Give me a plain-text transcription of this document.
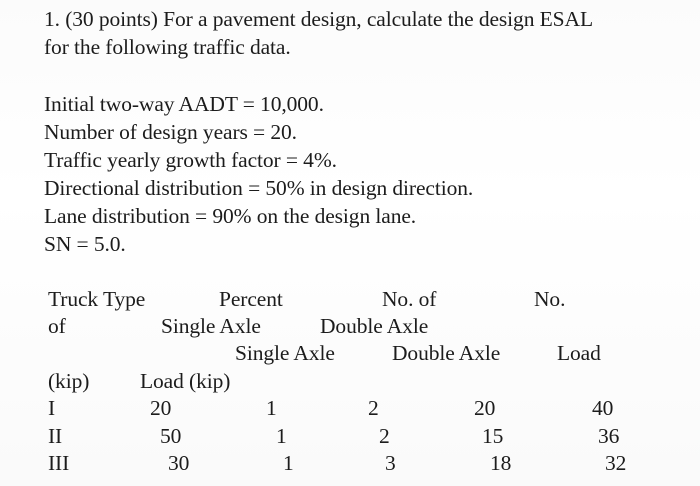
1. (30 points) For a pavement design, calculate the design ESAL
for the following traffic data.
Initial two-way AADT = 10,000.
Number of design years = 20.
Traffic yearly growth factor = 4%.
Directional distribution = 50% in design direction.
Lane distribution = 90% on the design lane.
SN = 5.0.
Truck Type	Percent	No. of	No.
of	Single Axle	Double Axle
Single Axle	Double Axle	Load
(kip) Load (kip)
I	20	1	2	20	40
II	50	1	2	15	36
III	30	1	3	18	32
